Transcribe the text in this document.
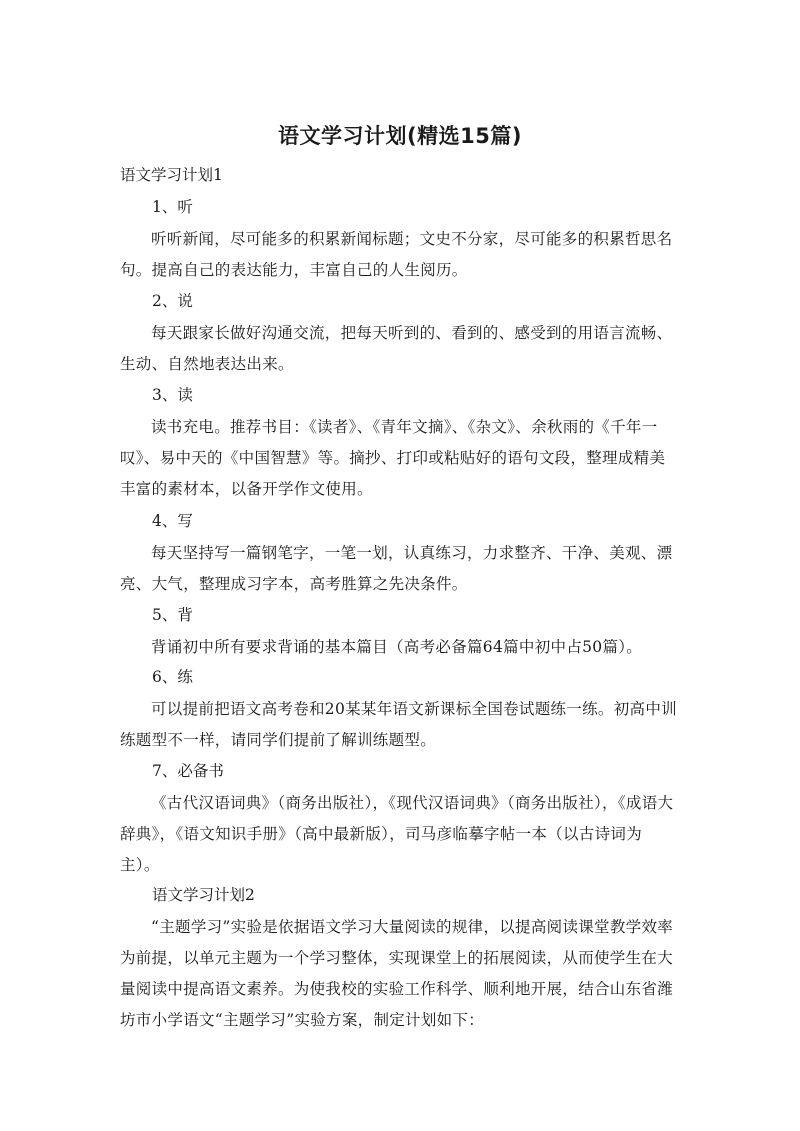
语文学习计划(精选15篇)
语文学习计划1
1、听
听听新闻，尽可能多的积累新闻标题；文史不分家，尽可能多的积累哲思名句。提高自己的表达能力，丰富自己的人生阅历。
2、说
每天跟家长做好沟通交流，把每天听到的、看到的、感受到的用语言流畅、生动、自然地表达出来。
3、读
读书充电。推荐书目：《读者》、《青年文摘》、《杂文》、余秋雨的《千年一叹》、易中天的《中国智慧》等。摘抄、打印或粘贴好的语句文段，整理成精美丰富的素材本，以备开学作文使用。
4、写
每天坚持写一篇钢笔字，一笔一划，认真练习，力求整齐、干净、美观、漂亮、大气，整理成习字本，高考胜算之先决条件。
5、背
背诵初中所有要求背诵的基本篇目（高考必备篇64篇中初中占50篇）。
6、练
可以提前把语文高考卷和20某某年语文新课标全国卷试题练一练。初高中训练题型不一样，请同学们提前了解训练题型。
7、必备书
《古代汉语词典》（商务出版社），《现代汉语词典》（商务出版社），《成语大辞典》，《语文知识手册》（高中最新版），司马彦临摹字帖一本（以古诗词为主）。
语文学习计划2
“主题学习”实验是依据语文学习大量阅读的规律，以提高阅读课堂教学效率为前提，以单元主题为一个学习整体，实现课堂上的拓展阅读，从而使学生在大量阅读中提高语文素养。为使我校的实验工作科学、顺利地开展，结合山东省潍坊市小学语文“主题学习”实验方案，制定计划如下：
